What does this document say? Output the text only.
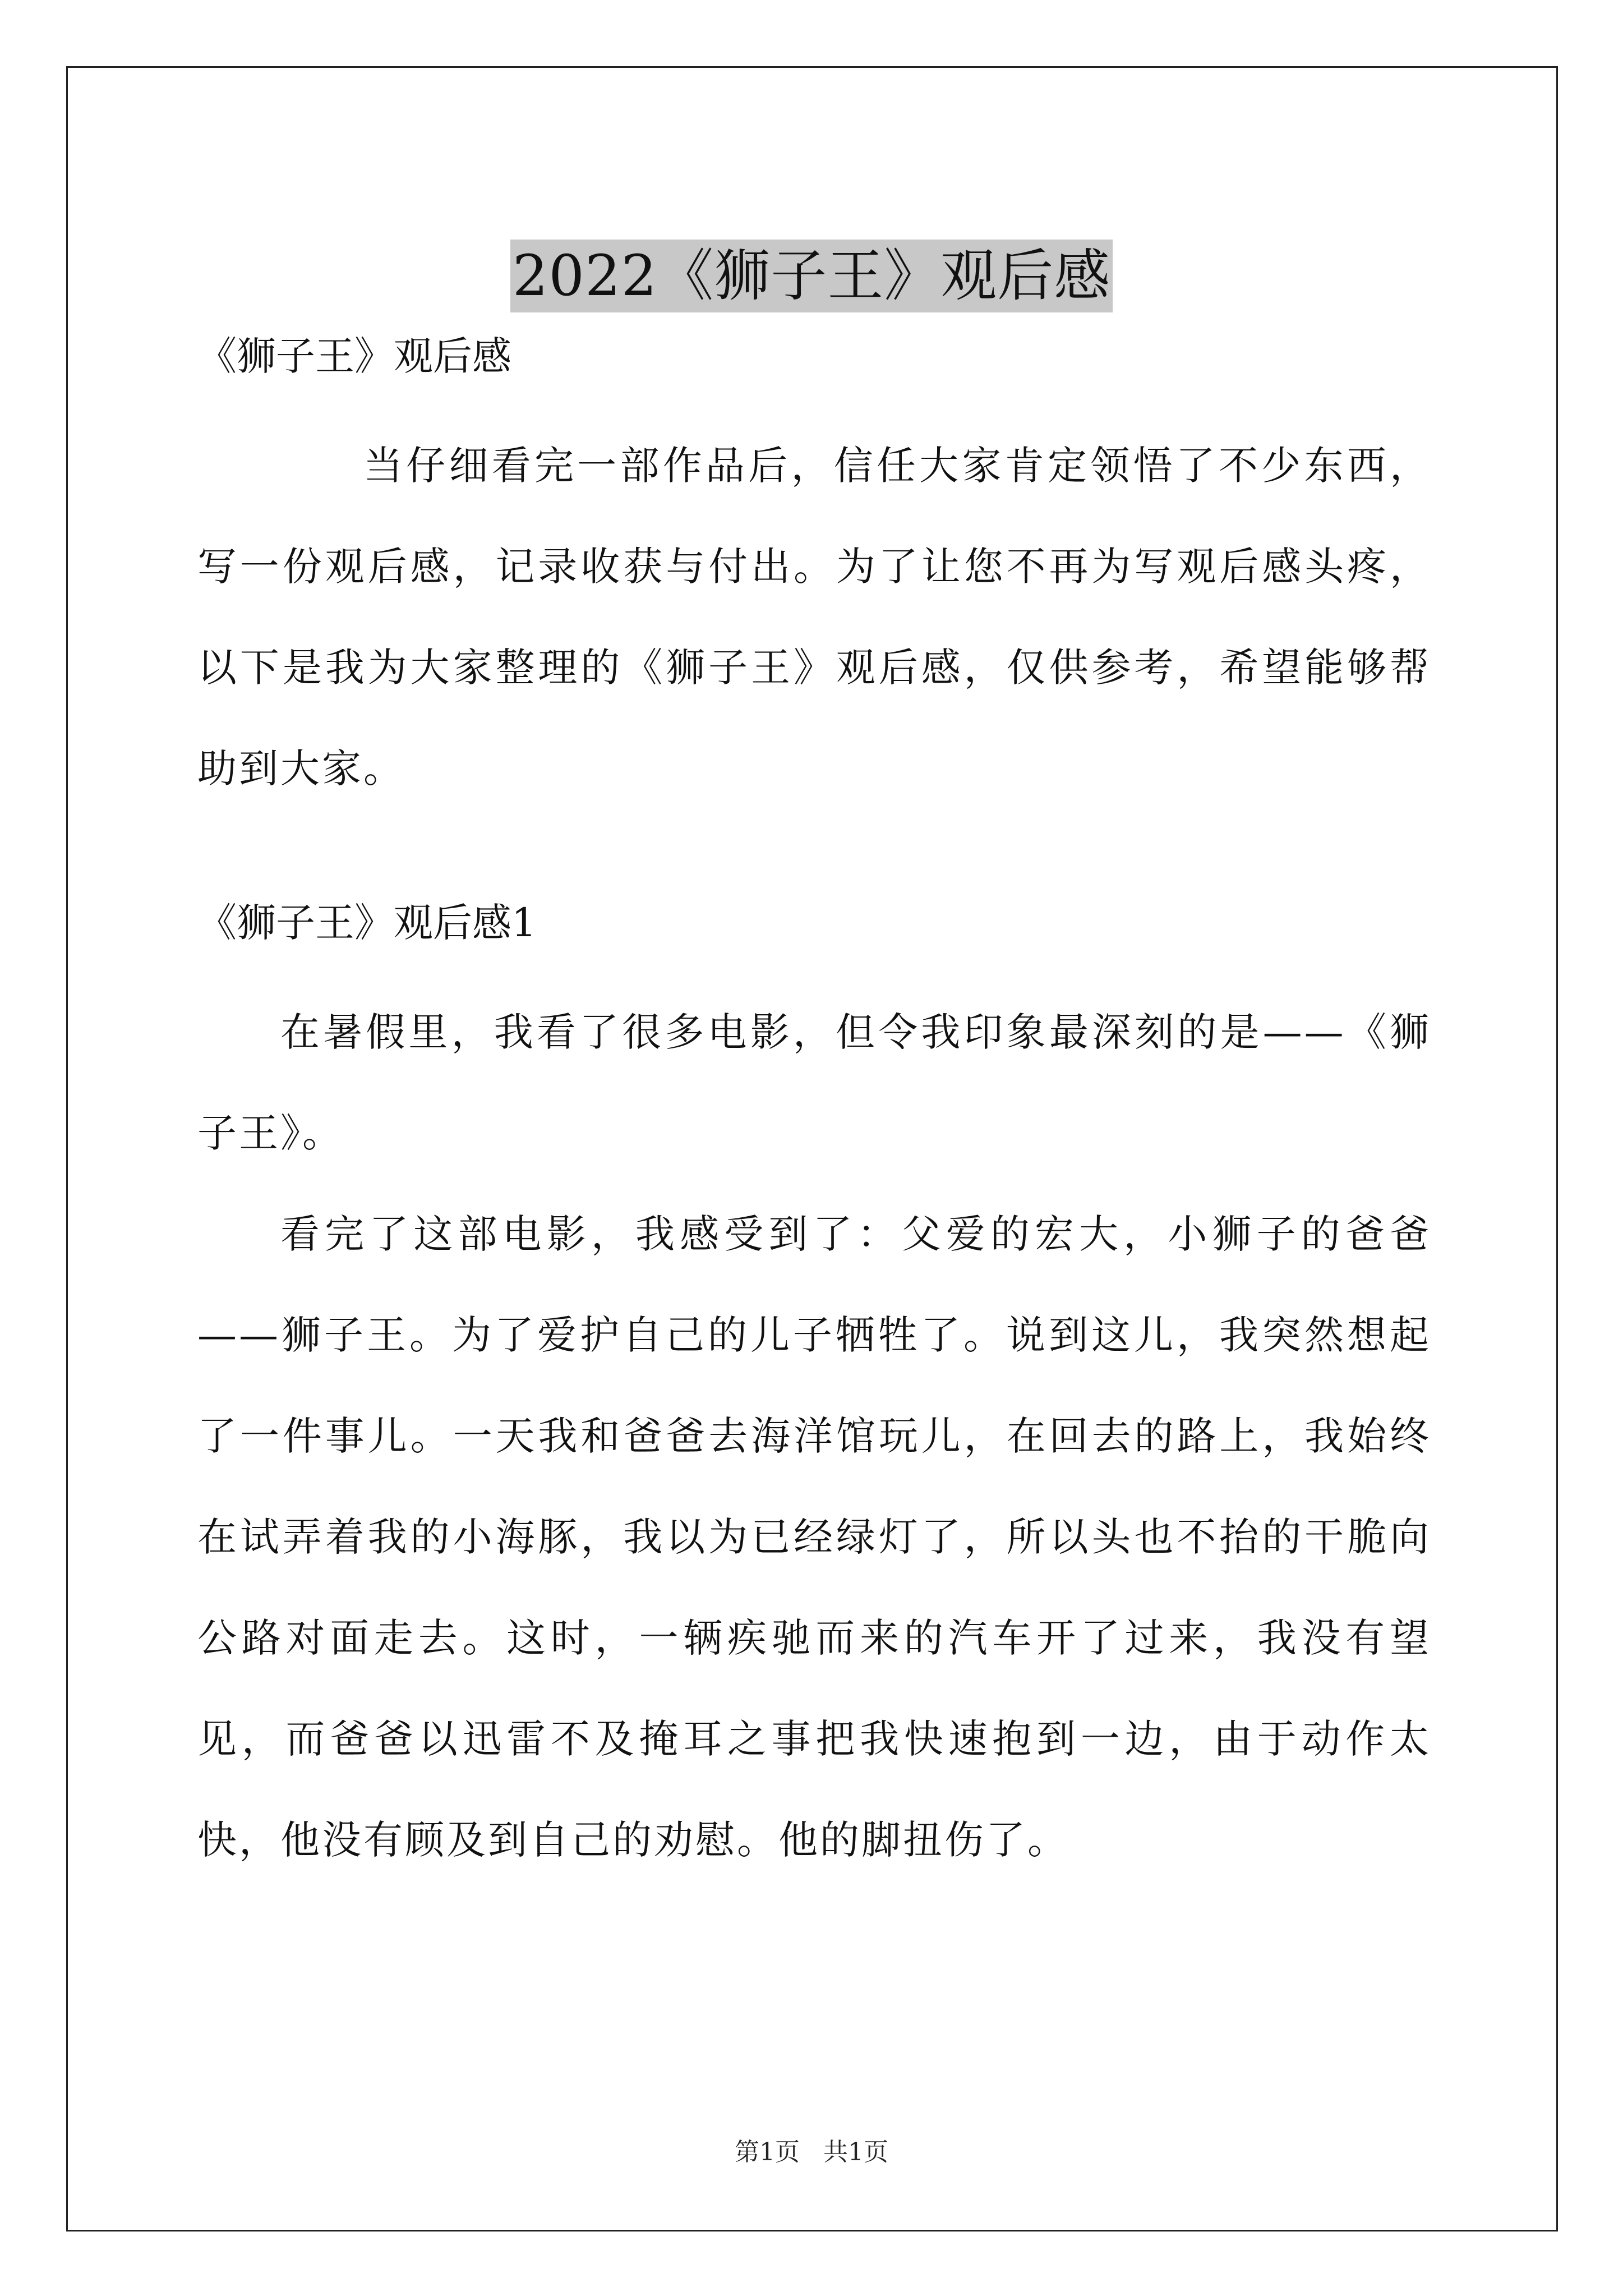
2022《狮子王》观后感

《狮子王》观后感

当仔细看完一部作品后，信任大家肯定领悟了不少东西，写一份观后感，记录收获与付出。为了让您不再为写观后感头疼，以下是我为大家整理的《狮子王》观后感，仅供参考，希望能够帮助到大家。

《狮子王》观后感1

在暑假里，我看了很多电影，但令我印象最深刻的是——《狮子王》。

看完了这部电影，我感受到了：父爱的宏大，小狮子的爸爸——狮子王。为了爱护自己的儿子牺牲了。说到这儿，我突然想起了一件事儿。一天我和爸爸去海洋馆玩儿，在回去的路上，我始终在试弄着我的小海豚，我以为已经绿灯了，所以头也不抬的干脆向公路对面走去。这时，一辆疾驰而来的汽车开了过来，我没有望见，而爸爸以迅雷不及掩耳之事把我快速抱到一边，由于动作太快，他没有顾及到自己的劝慰。他的脚扭伤了。

第1页 共1页
